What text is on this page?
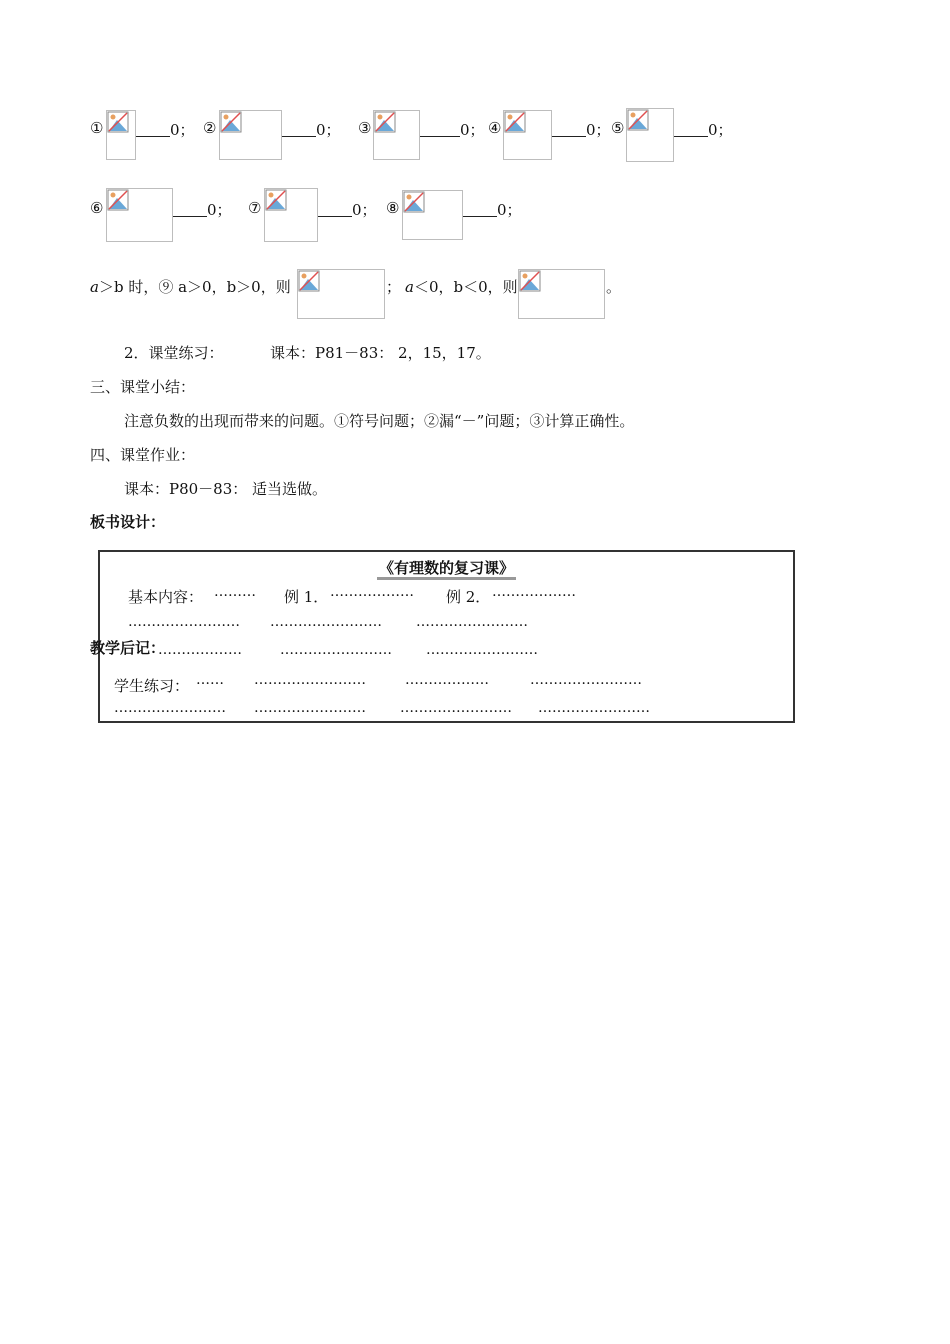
①	0； ②	0； ③	0； ④	0； ⑤	0；
⑥	0； ⑦	0； ⑧	0；
a＞b 时，⑨ a＞0，b＞0，则	； a＜0，b＜0，则	。
2．课堂练习：	课本：P81－83： 2，15，17。
三、课堂小结：
注意负数的出现而带来的问题。①符号问题；②漏“－”问题；③计算正确性。
四、课堂作业：
课本：P80－83： 适当选做。
板书设计：
《有理数的复习课》
基本内容： ……… 例 1． ……………… 例 2． ………………
…………………… …………………… ……………………
………………	…………………… ……………………
学生练习： …… ……………………	………………	……………………
…………………… …………………… …………………… ……………………
教学后记：
